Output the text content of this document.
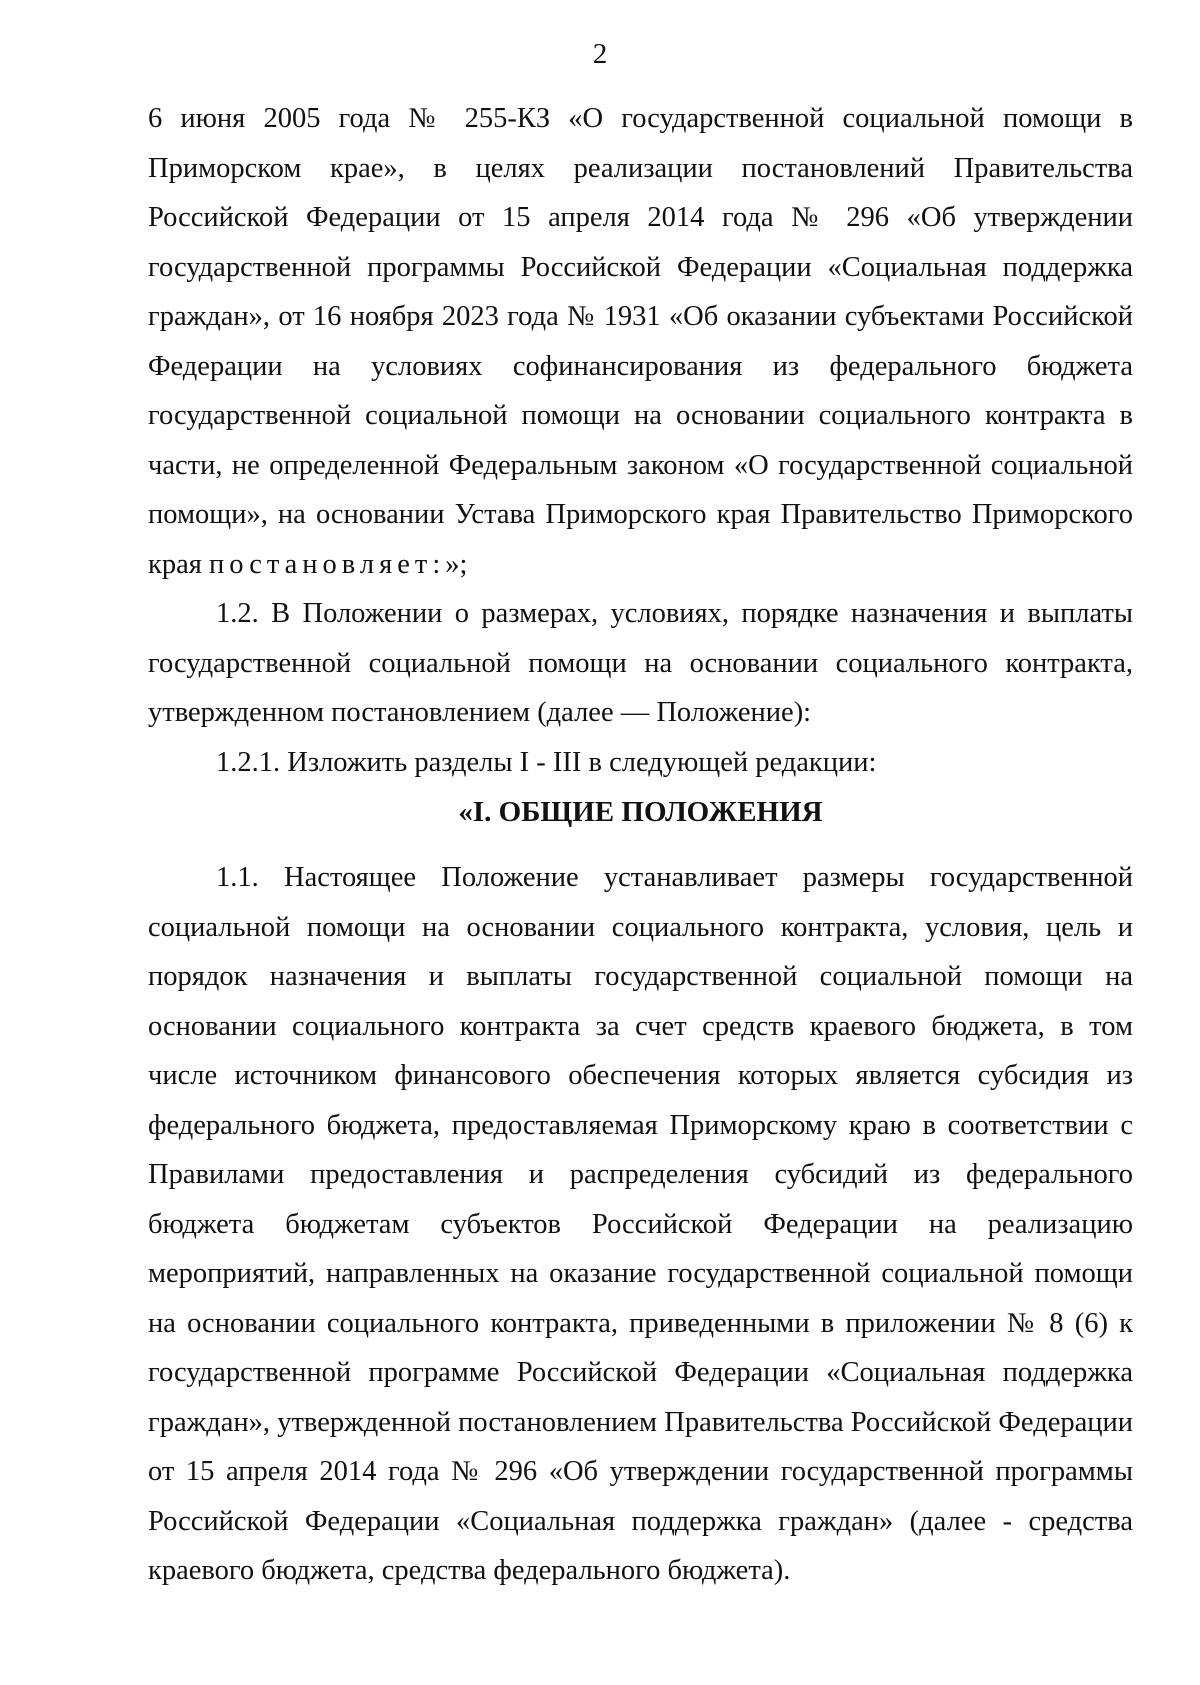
2

6 июня 2005 года № 255-КЗ «О государственной социальной помощи в Приморском крае», в целях реализации постановлений Правительства Российской Федерации от 15 апреля 2014 года № 296 «Об утверждении государственной программы Российской Федерации «Социальная поддержка граждан», от 16 ноября 2023 года № 1931 «Об оказании субъектами Российской Федерации на условиях софинансирования из федерального бюджета государственной социальной помощи на основании социального контракта в части, не определенной Федеральным законом «О государственной социальной помощи», на основании Устава Приморского края Правительство Приморского края постановляет:»;

1.2. В Положении о размерах, условиях, порядке назначения и выплаты государственной социальной помощи на основании социального контракта, утвержденном постановлением (далее — Положение):

1.2.1. Изложить разделы I - III в следующей редакции:

«I. ОБЩИЕ ПОЛОЖЕНИЯ

1.1. Настоящее Положение устанавливает размеры государственной социальной помощи на основании социального контракта, условия, цель и порядок назначения и выплаты государственной социальной помощи на основании социального контракта за счет средств краевого бюджета, в том числе источником финансового обеспечения которых является субсидия из федерального бюджета, предоставляемая Приморскому краю в соответствии с Правилами предоставления и распределения субсидий из федерального бюджета бюджетам субъектов Российской Федерации на реализацию мероприятий, направленных на оказание государственной социальной помощи на основании социального контракта, приведенными в приложении № 8 (6) к государственной программе Российской Федерации «Социальная поддержка граждан», утвержденной постановлением Правительства Российской Федерации от 15 апреля 2014 года № 296 «Об утверждении государственной программы Российской Федерации «Социальная поддержка граждан» (далее - средства краевого бюджета, средства федерального бюджета).
